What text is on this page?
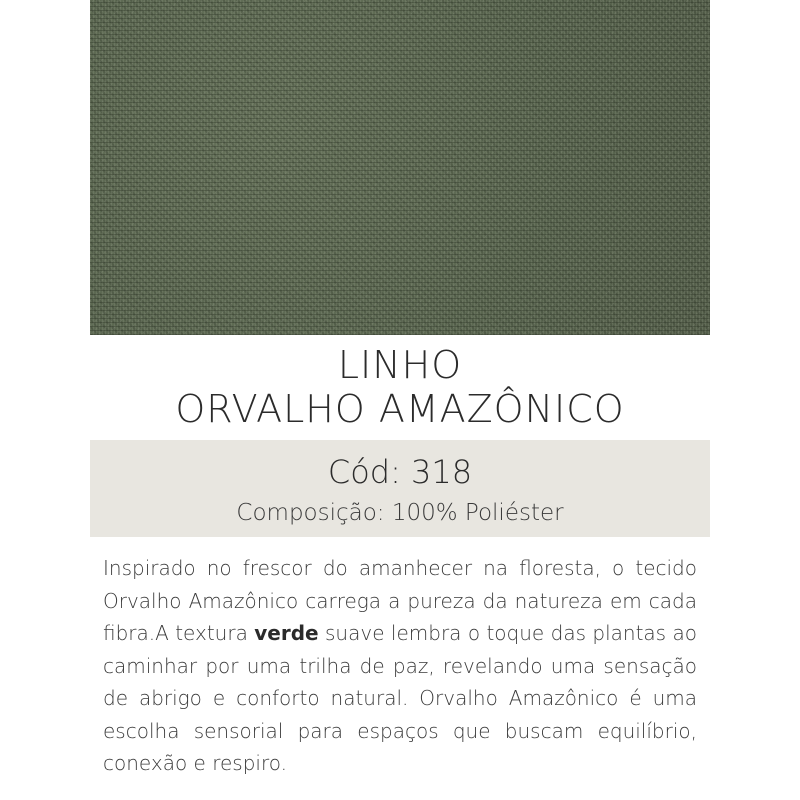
LINHO
ORVALHO AMAZÔNICO
Cód: 318
Composição: 100% Poliéster
Inspirado no frescor do amanhecer na floresta, o tecido Orvalho Amazônico carrega a pureza da natureza em cada fibra.A textura verde suave lembra o toque das plantas ao caminhar por uma trilha de paz, revelando uma sensação de abrigo e conforto natural. Orvalho Amazônico é uma escolha sensorial para espaços que buscam equilíbrio, conexão e respiro.
